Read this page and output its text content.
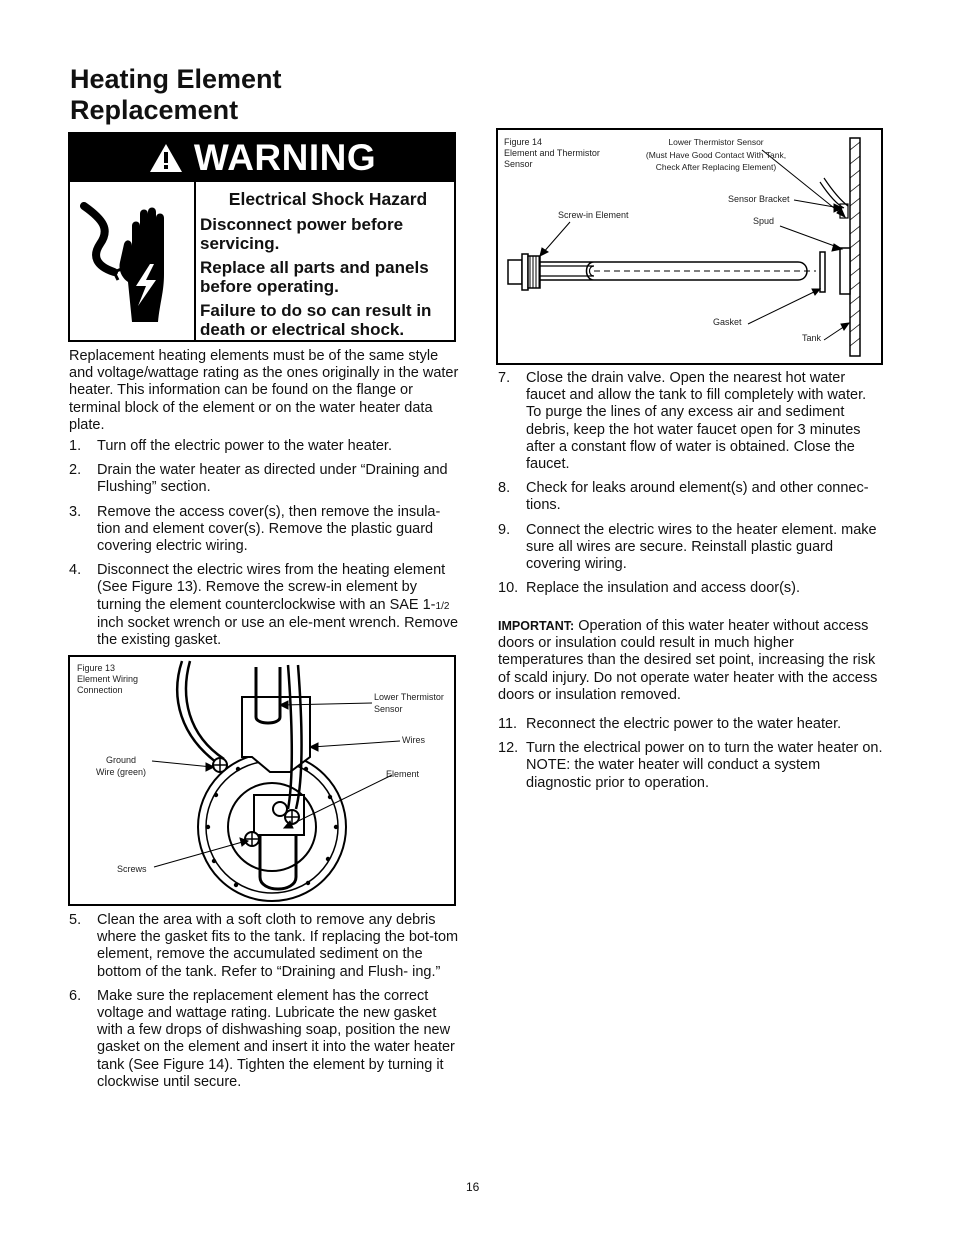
Heating Element Replacement
WARNING

Electrical Shock Hazard

Disconnect power before servicing.

Replace all parts and panels before operating.

Failure to do so can result in death or electrical shock.

Replacement heating elements must be of the same style and voltage/wattage rating as the ones originally in the water heater. This information can be found on the flange or terminal block of the element or on the water heater data plate.

1. Turn off the electric power to the water heater.
2. Drain the water heater as directed under “Draining and Flushing” section.
3. Remove the access cover(s), then remove the insula-tion and element cover(s). Remove the plastic guard covering electric wiring.
4. Disconnect the electric wires from the heating element (See Figure 13). Remove the screw-in element by turning the element counterclockwise with an SAE 1-1/2 inch socket wrench or use an ele-ment wrench. Remove the existing gasket.
Figure 13
Element Wiring
Connection
Lower Thermistor
Sensor
Wires
Ground
Wire (green)	Element
Screws
5. Clean the area with a soft cloth to remove any debris where the gasket fits to the tank. If replacing the bot-tom element, remove the accumulated sediment on the bottom of the tank. Refer to “Draining and Flush- ing.”
6. Make sure the replacement element has the correct voltage and wattage rating. Lubricate the new gasket with a few drops of dishwashing soap, position the new gasket on the element and insert it into the water heater tank (See Figure 14). Tighten the element by turning it clockwise until secure.
Figure 14
Element and Thermistor
Sensor
Lower Thermistor Sensor
(Must Have Good Contact With Tank,
Check After Replacing Element)
Sensor Bracket
Spud
Screw-in Element
Gasket
Tank
7. Close the drain valve. Open the nearest hot water faucet and allow the tank to fill completely with water. To purge the lines of any excess air and sediment debris, keep the hot water faucet open for 3 minutes after a constant flow of water is obtained. Close the faucet.
8. Check for leaks around element(s) and other connec-tions.
9. Connect the electric wires to the heater element. make sure all wires are secure. Reinstall plastic guard covering wiring.
10. Replace the insulation and access door(s).

IMPORTANT: Operation of this water heater without access doors or insulation could result in much higher temperatures than the desired set point, increasing the risk of scald injury. Do not operate water heater with the access doors or insulation removed.

11. Reconnect the electric power to the water heater.
12. Turn the electrical power on to turn the water heater on. NOTE: the water heater will conduct a system diagnostic prior to operation.
16
